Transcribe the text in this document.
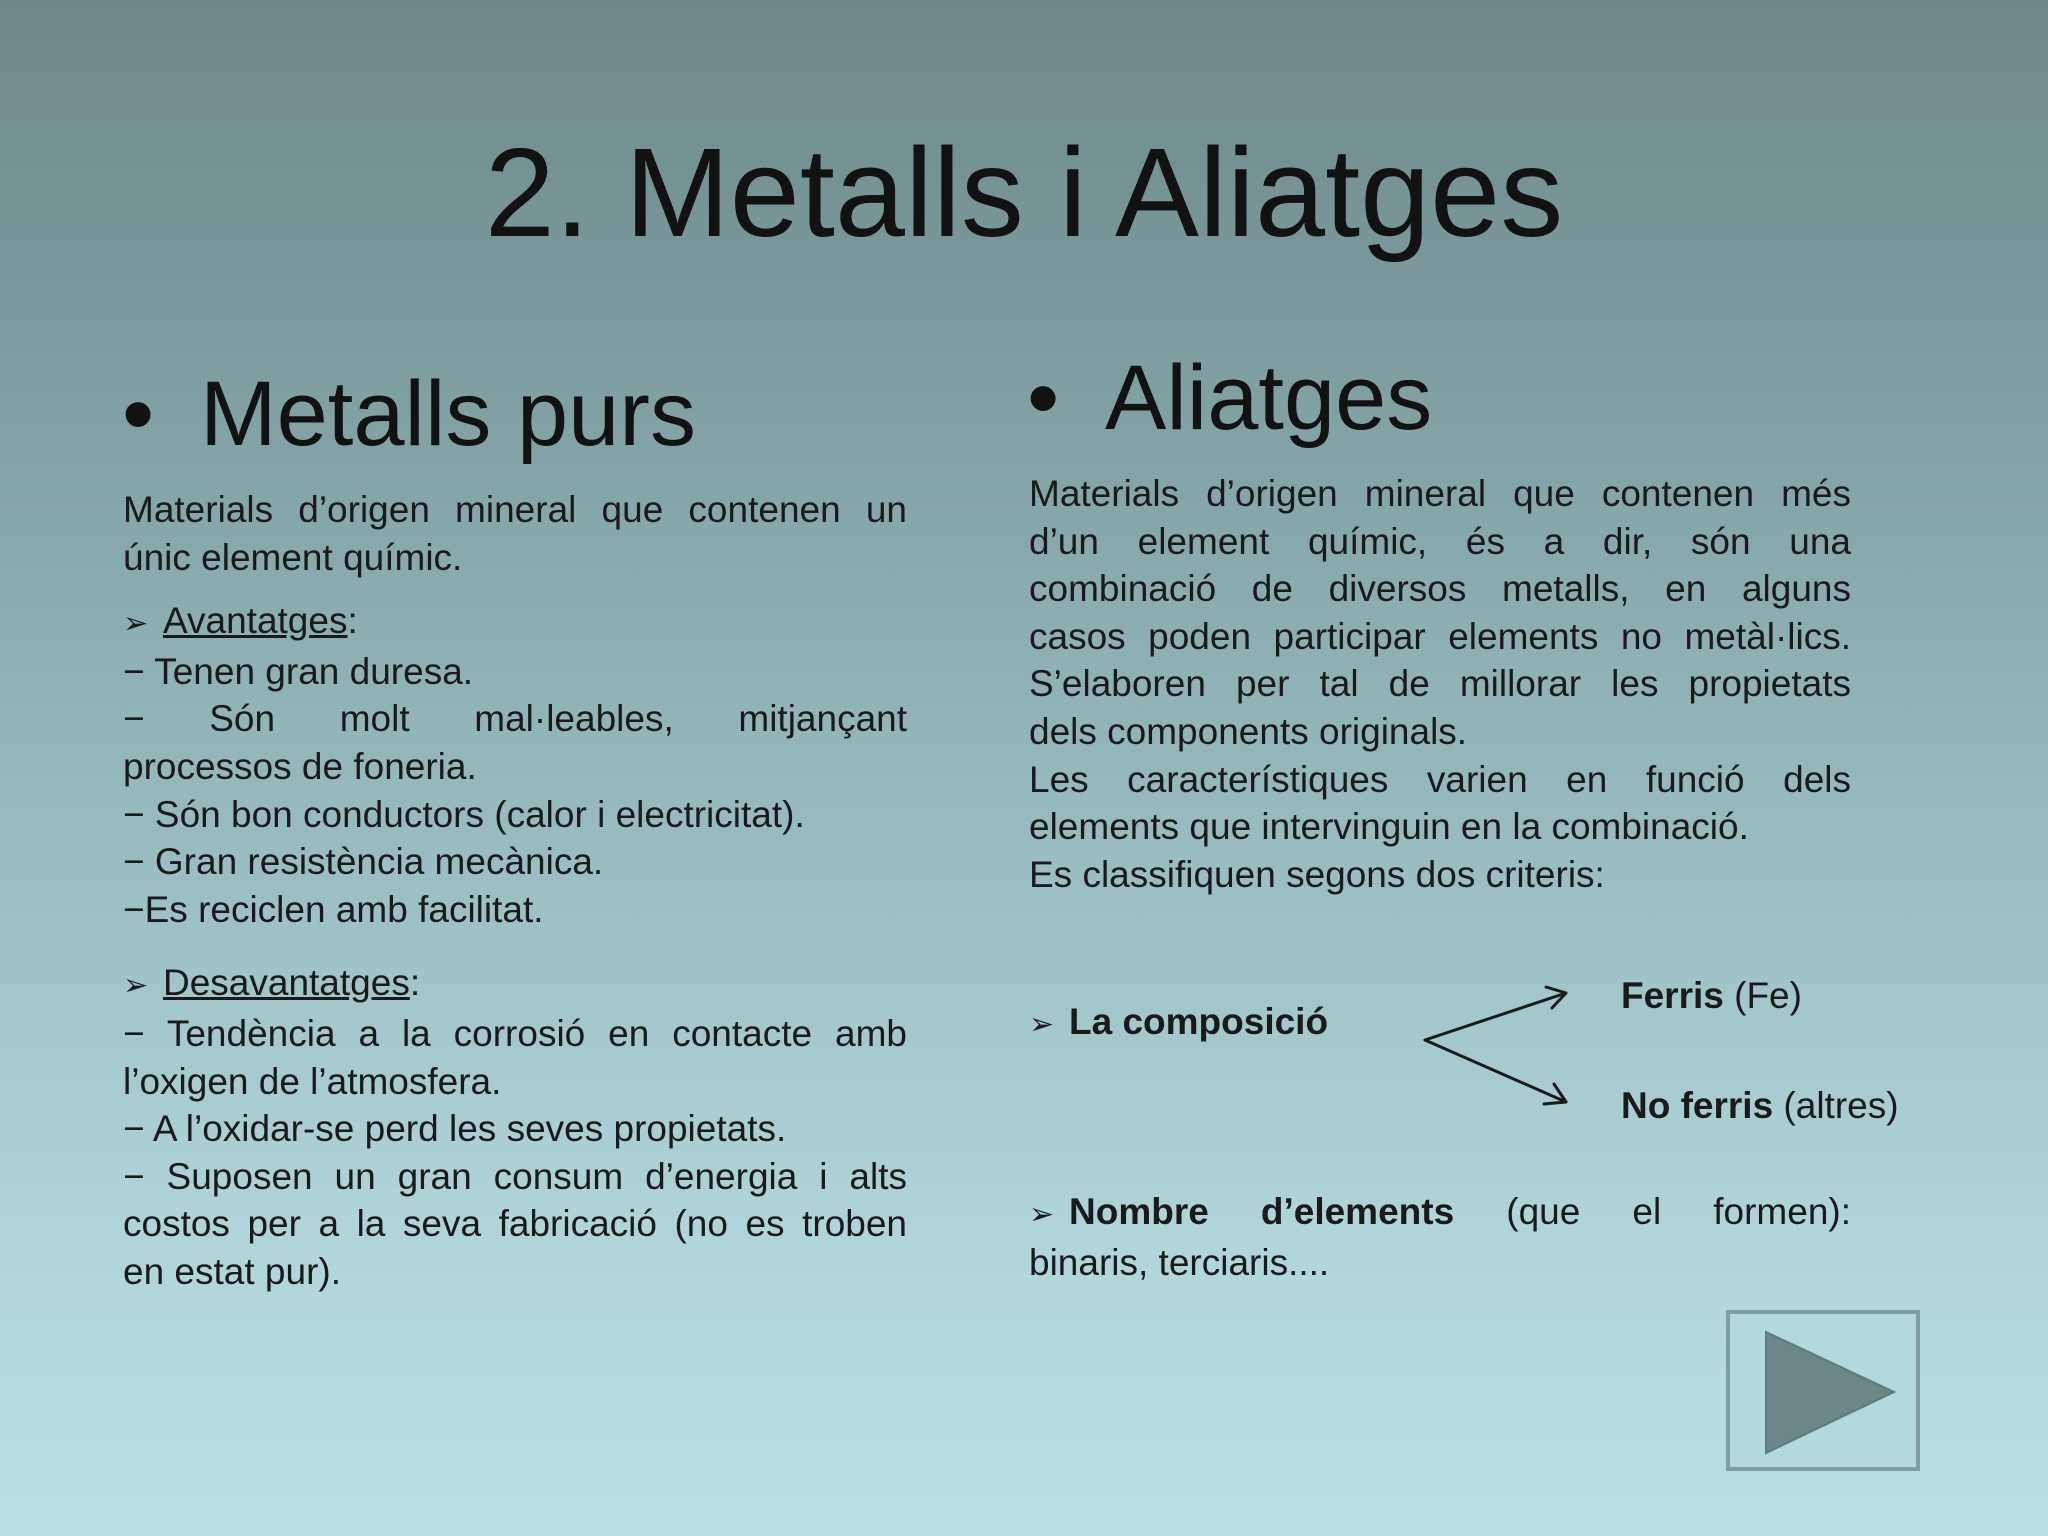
2. Metalls i Aliatges
• Metalls purs

Materials d’origen mineral que contenen un

únic element químic.

➢ Avantatges:

− Tenen gran duresa.

− Són molt mal·leables, mitjançant

processos de foneria.

− Són bon conductors (calor i electricitat).

− Gran resistència mecànica.

−Es reciclen amb facilitat.

➢ Desavantatges:

− Tendència a la corrosió en contacte amb

l’oxigen de l’atmosfera.

− A l’oxidar-se perd les seves propietats.

− Suposen un gran consum d’energia i alts

costos per a la seva fabricació (no es troben

en estat pur).

• Aliatges

Materials d’origen mineral que contenen més

d’un element químic, és a dir, són una

combinació de diversos metalls, en alguns

casos poden participar elements no metàl·lics.

S’elaboren per tal de millorar les propietats

dels components originals.

Les característiques varien en funció dels

elements que intervinguin en la combinació.

Es classifiquen segons dos criteris:

➢ La composició
Ferris (Fe)
No ferris (altres)

➢ Nombre d’elements (que el formen):

binaris, terciaris....
